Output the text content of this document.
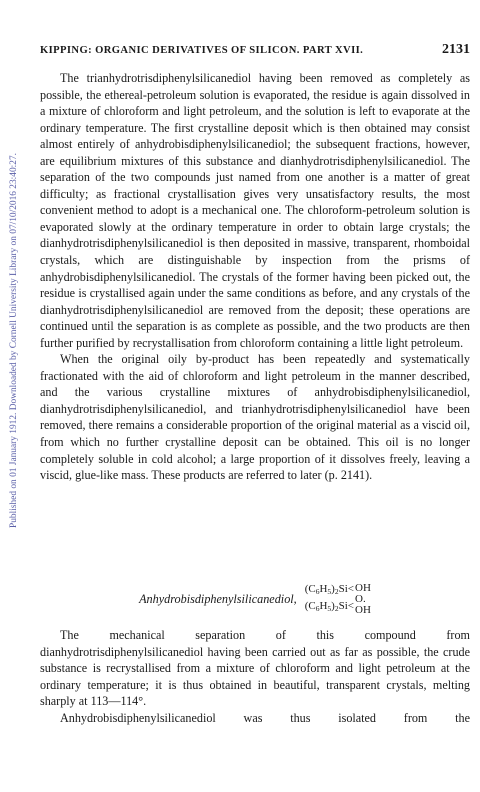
Published on 01 January 1912. Downloaded by Cornell University Library on 07/10/2016 23:40:27.
KIPPING: ORGANIC DERIVATIVES OF SILICON. PART XVII.	2131

The trianhydrotrisdiphenylsilicanediol having been removed as completely as possible, the ethereal-petroleum solution is evaporated, the residue is again dissolved in a mixture of chloroform and light petroleum, and the solution is left to evaporate at the ordinary temperature. The first crystalline deposit which is then obtained may consist almost entirely of anhydrobisdiphenylsilicanediol; the subsequent fractions, however, are equilibrium mixtures of this substance and dianhydrotrisdiphenylsilicanediol. The separation of the two compounds just named from one another is a matter of great difficulty; as fractional crystallisation gives very unsatisfactory results, the most convenient method to adopt is a mechanical one. The chloroform-petroleum solution is evaporated slowly at the ordinary temperature in order to obtain large crystals; the dianhydrotrisdiphenylsilicanediol is then deposited in massive, transparent, rhomboidal crystals, which are distinguishable by inspection from the prisms of anhydrobisdiphenylsilicanediol. The crystals of the former having been picked out, the residue is crystallised again under the same conditions as before, and any crystals of the dianhydrotrisdiphenylsilicanediol are removed from the deposit; these operations are continued until the separation is as complete as possible, and the two products are then further purified by recrystallisation from chloroform containing a little light petroleum.

When the original oily by-product has been repeatedly and systematically fractionated with the aid of chloroform and light petroleum in the manner described, and the various crystalline mixtures of anhydrobisdiphenylsilicanediol, dianhydrotrisdiphenylsilicanediol, and trianhydrotrisdiphenylsilicanediol have been removed, there remains a considerable proportion of the original material as a viscid oil, from which no further crystalline deposit can be obtained. This oil is no longer completely soluble in cold alcohol; a large proportion of it dissolves freely, leaving a viscid, glue-like mass. These products are referred to later (p. 2141).

Anhydrobisdiphenylsilicanediol,
$(C_6H_5)_2Si<$
$(C_6H_5)_2Si<$
OH
O.
OH

The mechanical separation of this compound from dianhydrotrisdiphenylsilicanediol having been carried out as far as possible, the crude substance is recrystallised from a mixture of chloroform and light petroleum at the ordinary temperature; it is thus obtained in beautiful, transparent crystals, melting sharply at 113—114°.

Anhydrobisdiphenylsilicanediol was thus isolated from the
